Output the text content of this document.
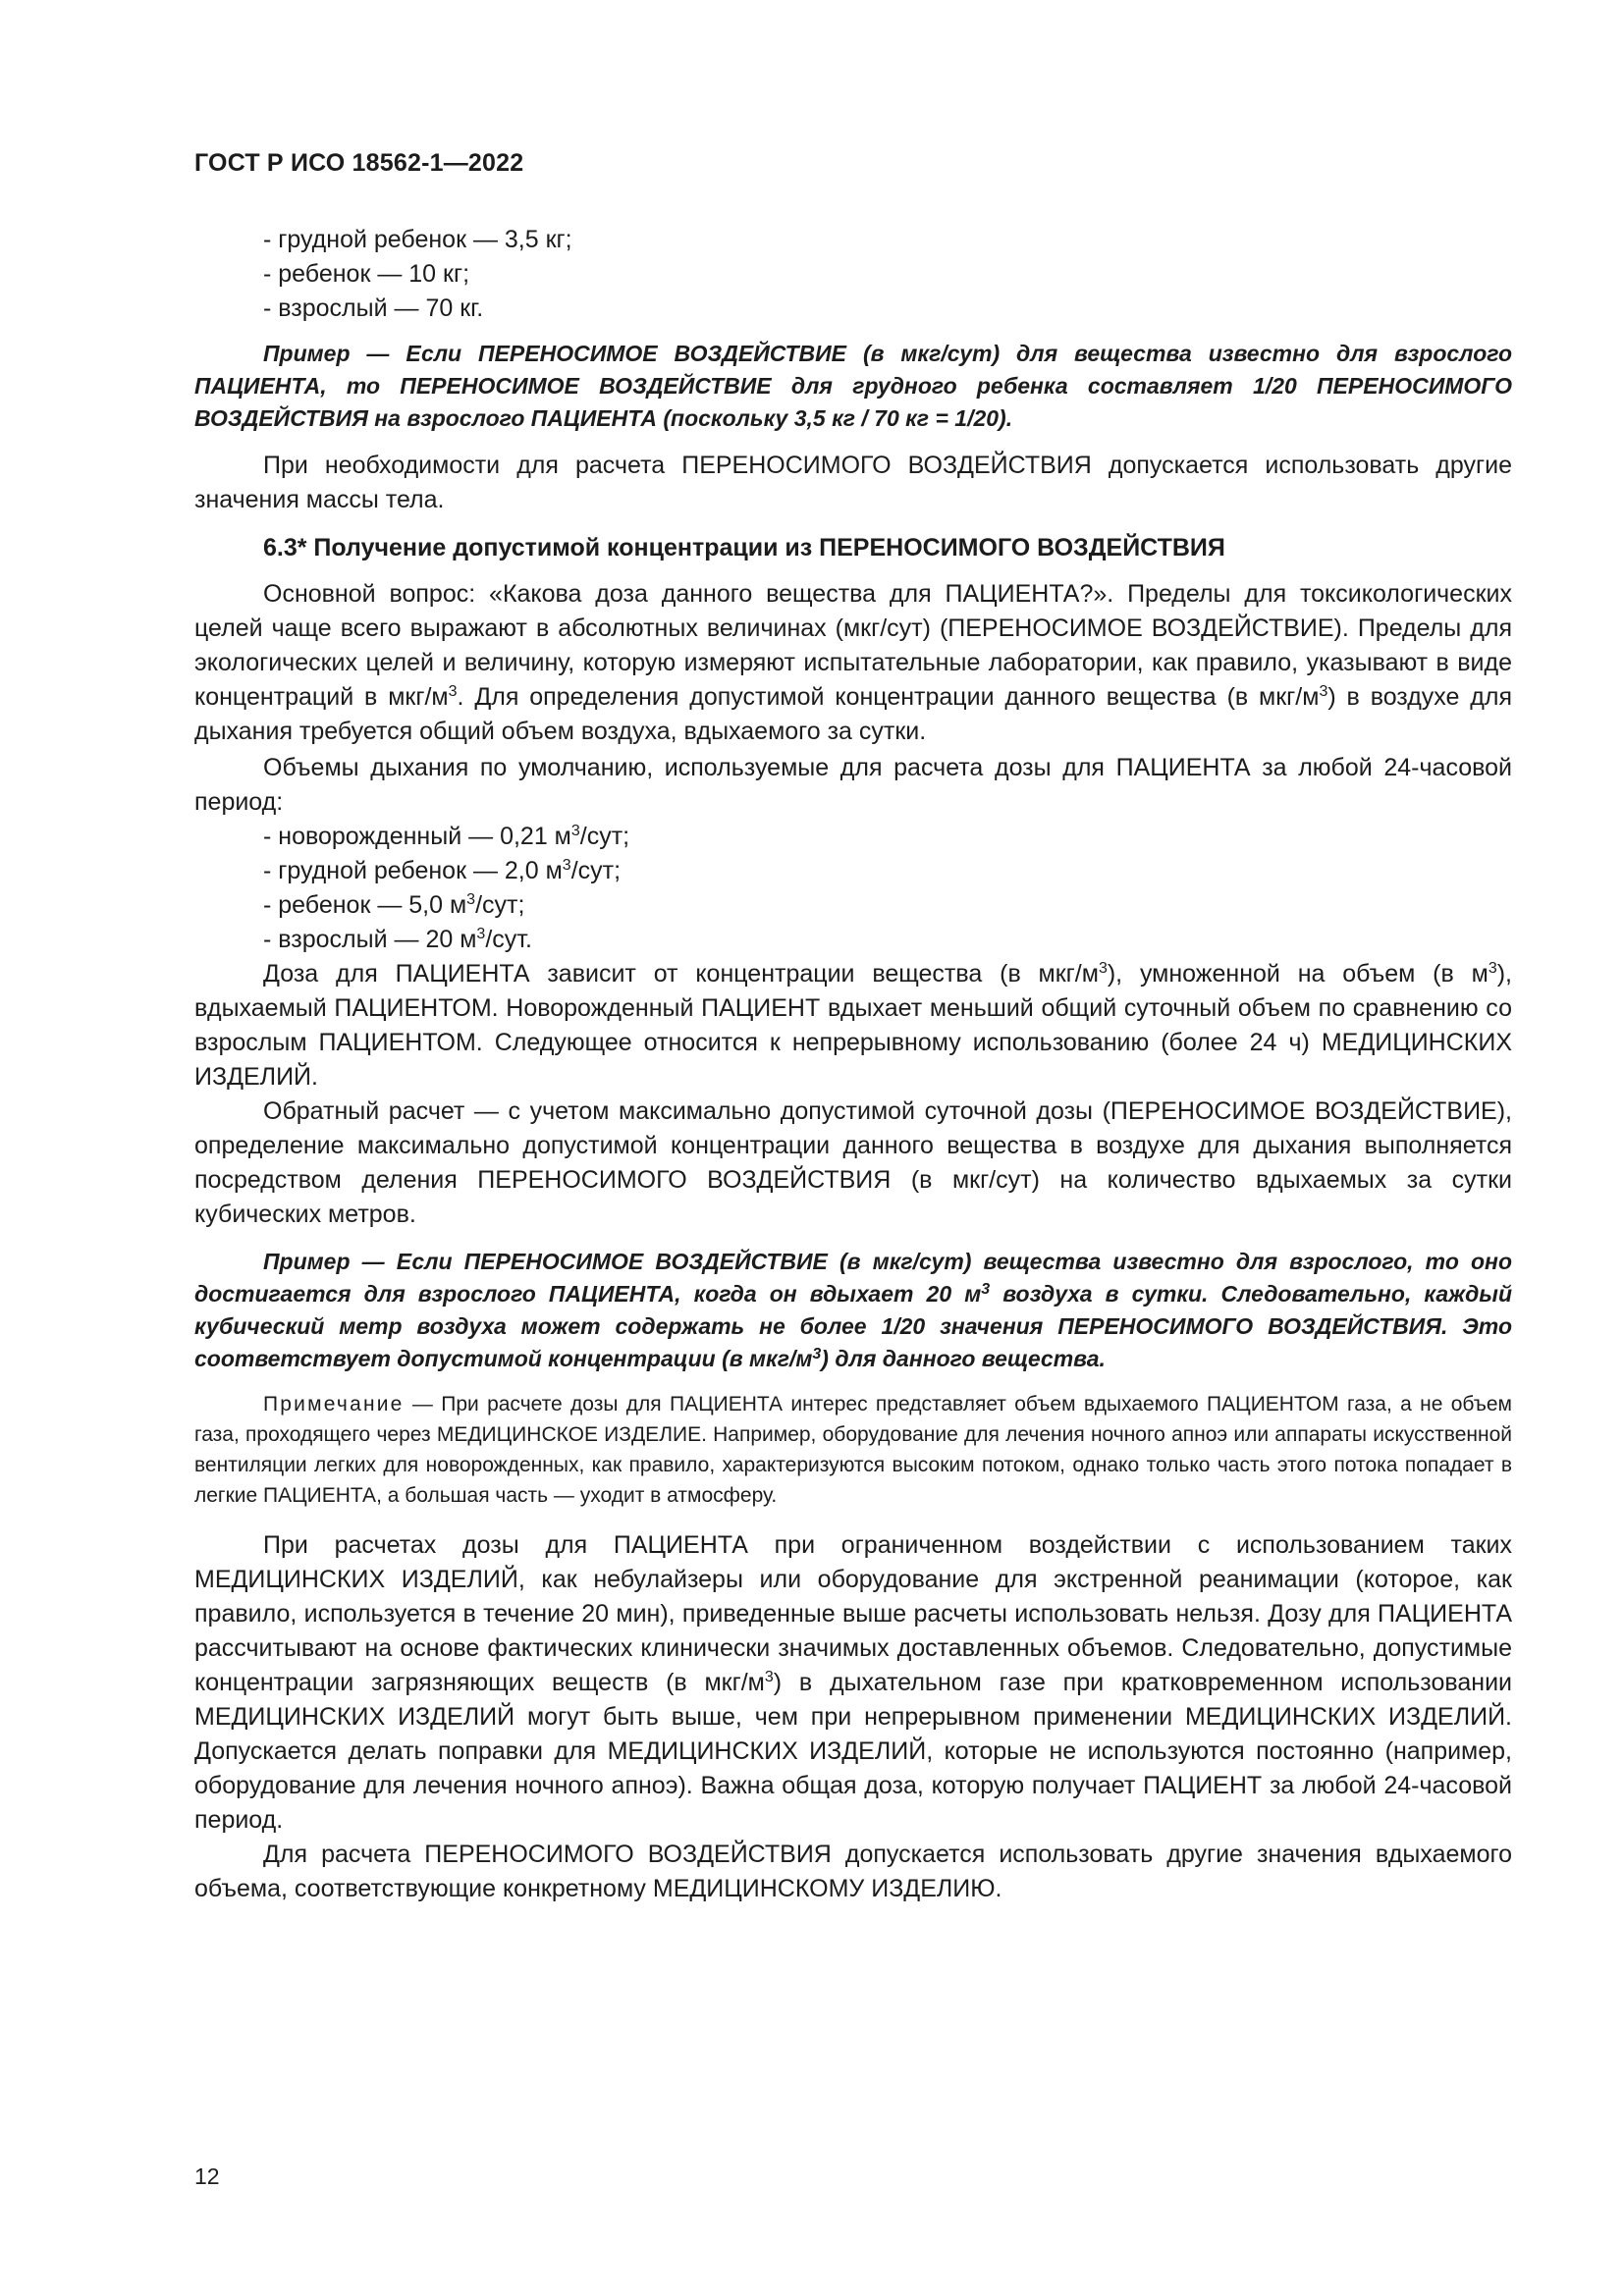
ГОСТ Р ИСО 18562-1—2022

- грудной ребенок — 3,5 кг;

- ребенок — 10 кг;

- взрослый — 70 кг.

Пример — Если ПЕРЕНОСИМОЕ ВОЗДЕЙСТВИЕ (в мкг/сут) для вещества известно для взрослого ПАЦИЕНТА, то ПЕРЕНОСИМОЕ ВОЗДЕЙСТВИЕ для грудного ребенка составляет 1/20 ПЕРЕНОСИМОГО ВОЗДЕЙСТВИЯ на взрослого ПАЦИЕНТА (поскольку 3,5 кг / 70 кг = 1/20).

При необходимости для расчета ПЕРЕНОСИМОГО ВОЗДЕЙСТВИЯ допускается использовать другие значения массы тела.

6.3* Получение допустимой концентрации из ПЕРЕНОСИМОГО ВОЗДЕЙСТВИЯ

Основной вопрос: «Какова доза данного вещества для ПАЦИЕНТА?». Пределы для токсикологических целей чаще всего выражают в абсолютных величинах (мкг/сут) (ПЕРЕНОСИМОЕ ВОЗДЕЙСТВИЕ). Пределы для экологических целей и величину, которую измеряют испытательные лаборатории, как правило, указывают в виде концентраций в мкг/$м^3$. Для определения допустимой концентрации данного вещества (в мкг/$м^3$) в воздухе для дыхания требуется общий объем воздуха, вдыхаемого за сутки.

Объемы дыхания по умолчанию, используемые для расчета дозы для ПАЦИЕНТА за любой 24-часовой период:

- новорожденный — 0,21 $м^3$/сут;

- грудной ребенок — 2,0 $м^3$/сут;

- ребенок — 5,0 $м^3$/сут;

- взрослый — 20 $м^3$/сут.

Доза для ПАЦИЕНТА зависит от концентрации вещества (в мкг/$м^3$), умноженной на объем (в $м^3$), вдыхаемый ПАЦИЕНТОМ. Новорожденный ПАЦИЕНТ вдыхает меньший общий суточный объем по сравнению со взрослым ПАЦИЕНТОМ. Следующее относится к непрерывному использованию (более 24 ч) МЕДИЦИНСКИХ ИЗДЕЛИЙ.

Обратный расчет — с учетом максимально допустимой суточной дозы (ПЕРЕНОСИМОЕ ВОЗДЕЙСТВИЕ), определение максимально допустимой концентрации данного вещества в воздухе для дыхания выполняется посредством деления ПЕРЕНОСИМОГО ВОЗДЕЙСТВИЯ (в мкг/сут) на количество вдыхаемых за сутки кубических метров.

Пример — Если ПЕРЕНОСИМОЕ ВОЗДЕЙСТВИЕ (в мкг/сут) вещества известно для взрослого, то оно достигается для взрослого ПАЦИЕНТА, когда он вдыхает 20 $м^3$ воздуха в сутки. Следовательно, каждый кубический метр воздуха может содержать не более 1/20 значения ПЕРЕНОСИМОГО ВОЗДЕЙСТВИЯ. Это соответствует допустимой концентрации (в мкг/$м^3$) для данного вещества.

Примечание — При расчете дозы для ПАЦИЕНТА интерес представляет объем вдыхаемого ПАЦИЕНТОМ газа, а не объем газа, проходящего через МЕДИЦИНСКОЕ ИЗДЕЛИЕ. Например, оборудование для лечения ночного апноэ или аппараты искусственной вентиляции легких для новорожденных, как правило, характеризуются высоким потоком, однако только часть этого потока попадает в легкие ПАЦИЕНТА, а большая часть — уходит в атмосферу.

При расчетах дозы для ПАЦИЕНТА при ограниченном воздействии с использованием таких МЕДИЦИНСКИХ ИЗДЕЛИЙ, как небулайзеры или оборудование для экстренной реанимации (которое, как правило, используется в течение 20 мин), приведенные выше расчеты использовать нельзя. Дозу для ПАЦИЕНТА рассчитывают на основе фактических клинически значимых доставленных объемов. Следовательно, допустимые концентрации загрязняющих веществ (в мкг/$м^3$) в дыхательном газе при кратковременном использовании МЕДИЦИНСКИХ ИЗДЕЛИЙ могут быть выше, чем при непрерывном применении МЕДИЦИНСКИХ ИЗДЕЛИЙ. Допускается делать поправки для МЕДИЦИНСКИХ ИЗДЕЛИЙ, которые не используются постоянно (например, оборудование для лечения ночного апноэ). Важна общая доза, которую получает ПАЦИЕНТ за любой 24-часовой период.

Для расчета ПЕРЕНОСИМОГО ВОЗДЕЙСТВИЯ допускается использовать другие значения вдыхаемого объема, соответствующие конкретному МЕДИЦИНСКОМУ ИЗДЕЛИЮ.

12
